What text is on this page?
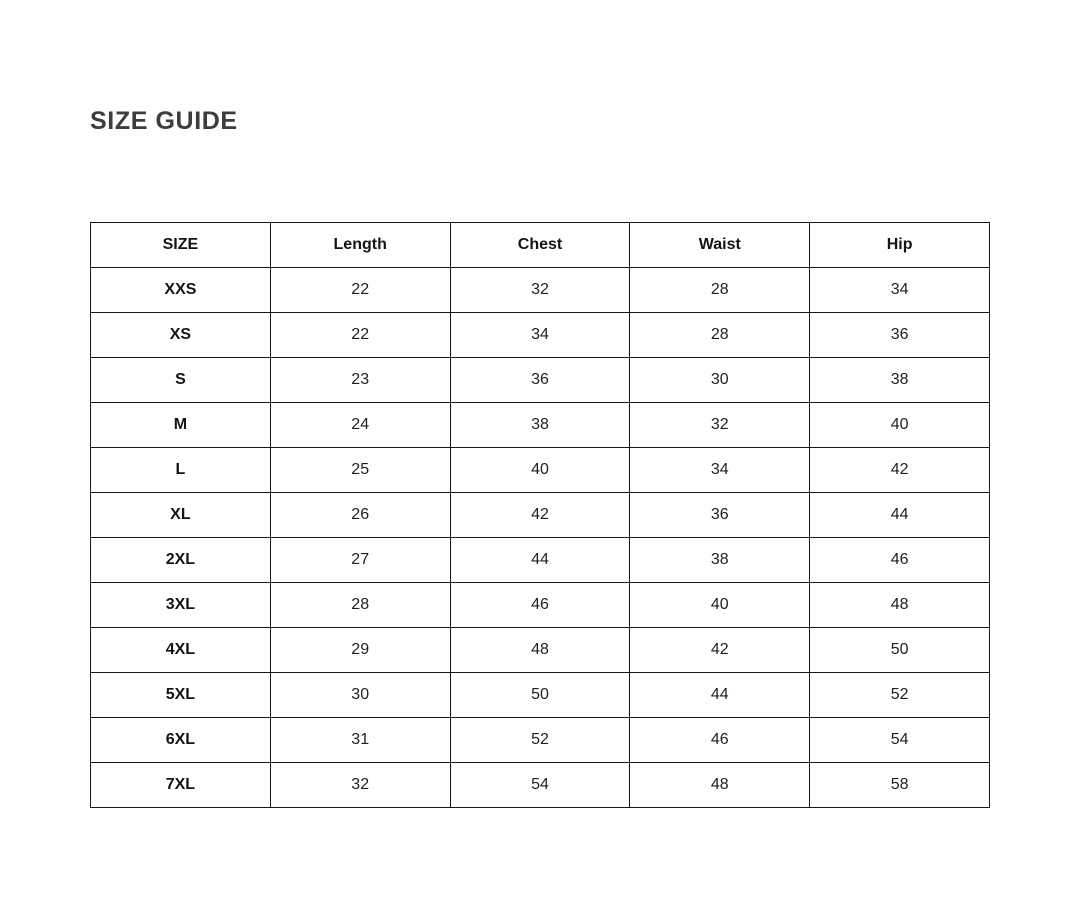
SIZE GUIDE
SIZE	Length	Chest	Waist	Hip
XXS	22	32	28	34
XS	22	34	28	36
S	23	36	30	38
M	24	38	32	40
L	25	40	34	42
XL	26	42	36	44
2XL	27	44	38	46
3XL	28	46	40	48
4XL	29	48	42	50
5XL	30	50	44	52
6XL	31	52	46	54
7XL	32	54	48	58
